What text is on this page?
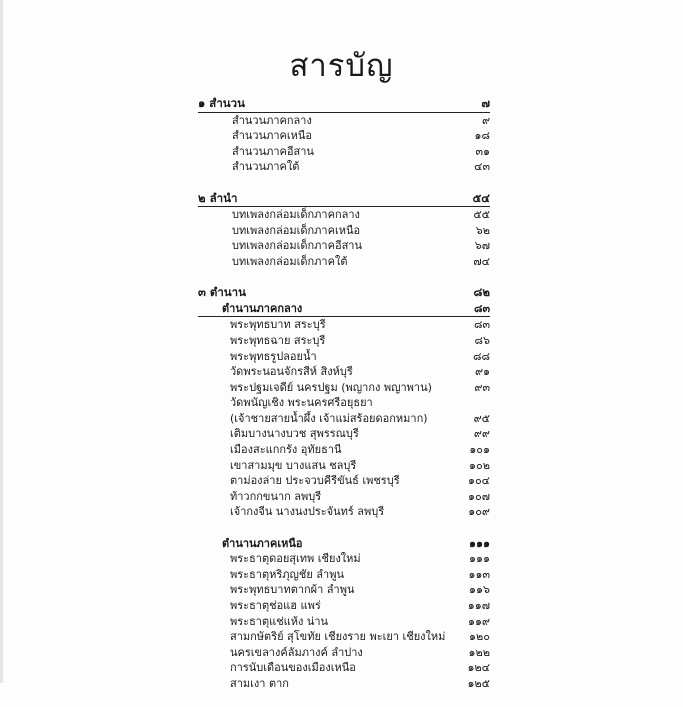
สารบัญ
๑ สำนวน	๗
สำนวนภาคกลาง	๙
สำนวนภาคเหนือ	๑๘
สำนวนภาคอีสาน	๓๑
สำนวนภาคใต้	๔๓
๒ ลำนำ	๕๔
บทเพลงกล่อมเด็กภาคกลาง	๕๕
บทเพลงกล่อมเด็กภาคเหนือ	๖๒
บทเพลงกล่อมเด็กภาคอีสาน	๖๗
บทเพลงกล่อมเด็กภาคใต้	๗๔
๓ ตำนาน	๘๒
ตำนานภาคกลาง	๘๓
พระพุทธบาท สระบุรี	๘๓
พระพุทธฉาย สระบุรี	๘๖
พระพุทธรูปลอยน้ำ	๘๘
วัดพระนอนจักรสีห์ สิงห์บุรี	๙๑
พระปฐมเจดีย์ นครปฐม (พญากง พญาพาน)	๙๓
วัดพนัญเชิง พระนครศรีอยุธยา
(เจ้าชายสายน้ำผึ้ง เจ้าแม่สร้อยดอกหมาก)	๙๕
เติมบางนางบวช สุพรรณบุรี	๙๙
เมืองสะแกกรัง อุทัยธานี	๑๐๑
เขาสามมุข บางแสน ชลบุรี	๑๐๒
ตาม่องล่าย ประจวบคีรีขันธ์ เพชรบุรี	๑๐๔
ท้าวกกขนาก ลพบุรี	๑๐๗
เจ้ากงจีน นางนงประจันทร์ ลพบุรี	๑๐๙
ตำนานภาคเหนือ	๑๑๑
พระธาตุดอยสุเทพ เชียงใหม่	๑๑๑
พระธาตุหริภุญชัย ลำพูน	๑๑๓
พระพุทธบาทตากผ้า ลำพูน	๑๑๖
พระธาตุช่อแฮ แพร่	๑๑๗
พระธาตุแช่แห้ง น่าน	๑๑๙
สามกษัตริย์ สุโขทัย เชียงราย พะเยา เชียงใหม่	๑๒๐
นครเขลางค์ลัมภางค์ ลำปาง	๑๒๒
การนับเดือนของเมืองเหนือ	๑๒๔
สามเงา ตาก	๑๒๕
